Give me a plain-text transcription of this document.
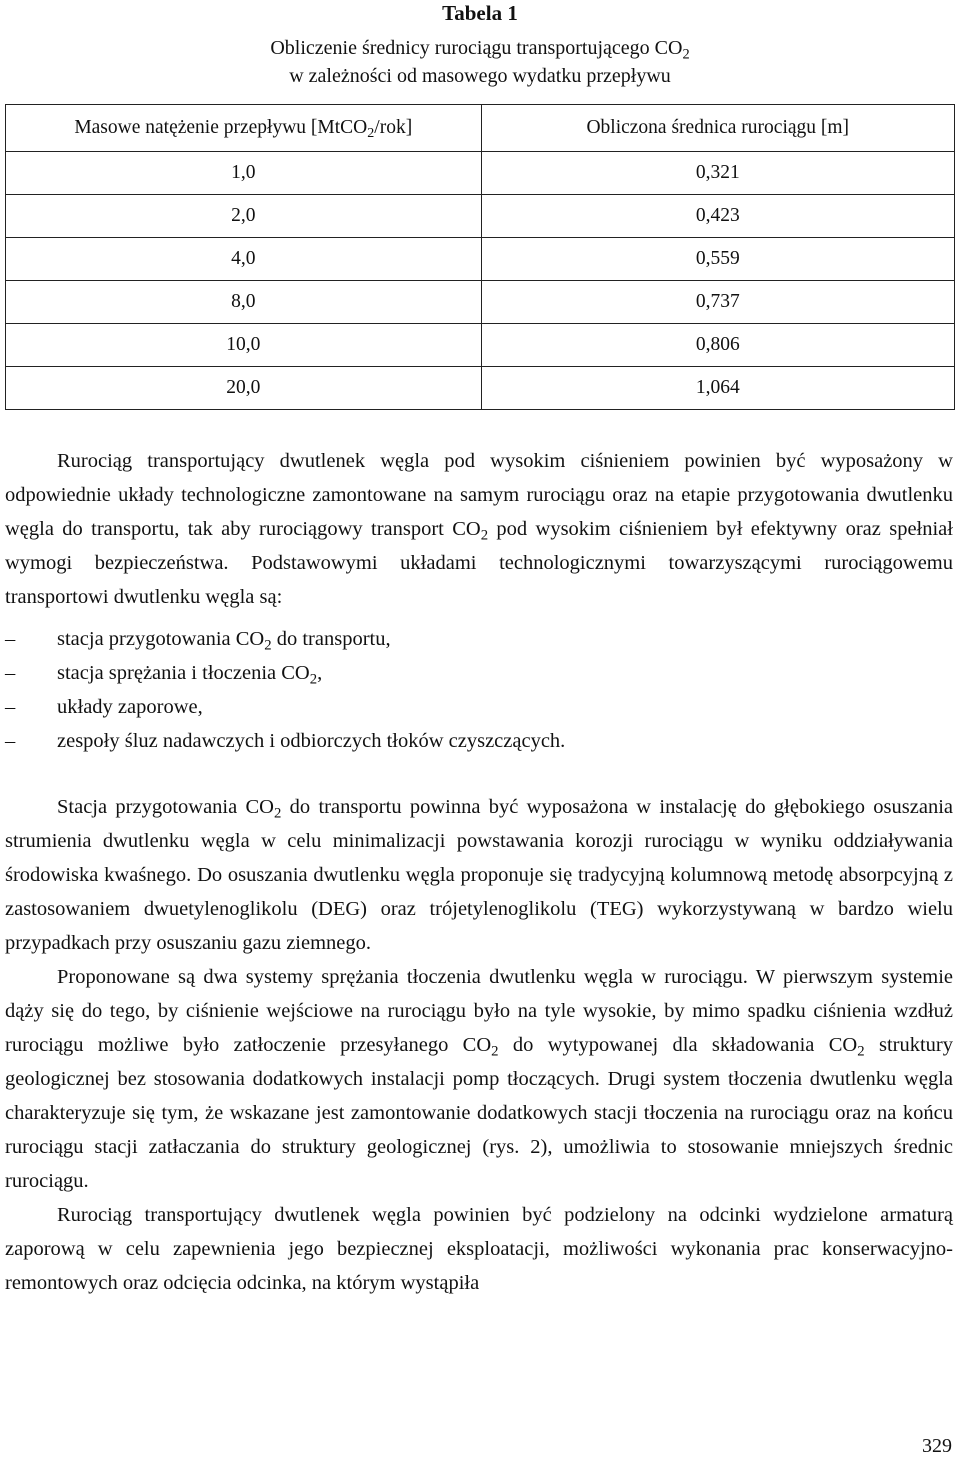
Tabela 1
Obliczenie średnicy rurociągu transportującego $CO_2$
w zależności od masowego wydatku przepływu
Masowe natężenie przepływu [MtCO$_2$/rok]	Obliczona średnica rurociągu [m]
1,0	0,321
2,0	0,423
4,0	0,559
8,0	0,737
10,0	0,806
20,0	1,064

Rurociąg transportujący dwutlenek węgla pod wysokim ciśnieniem powinien być wyposażony w odpowiednie układy technologiczne zamontowane na samym rurociągu oraz na etapie przygotowania dwutlenku węgla do transportu, tak aby rurociągowy transport $CO_2$ pod wysokim ciśnieniem był efektywny oraz spełniał wymogi bezpieczeństwa. Podstawowymi układami technologicznymi towarzyszącymi rurociągowemu transportowi dwutlenku węgla są:

– stacja przygotowania $CO_2$ do transportu,
– stacja sprężania i tłoczenia $CO_2$,
– układy zaporowe,
– zespoły śluz nadawczych i odbiorczych tłoków czyszczących.

Stacja przygotowania $CO_2$ do transportu powinna być wyposażona w instalację do głębokiego osuszania strumienia dwutlenku węgla w celu minimalizacji powstawania korozji rurociągu w wyniku oddziaływania środowiska kwaśnego. Do osuszania dwutlenku węgla proponuje się tradycyjną kolumnową metodę absorpcyjną z zastosowaniem dwuetylenoglikolu (DEG) oraz trójetylenoglikolu (TEG) wykorzystywaną w bardzo wielu przypadkach przy osuszaniu gazu ziemnego.

Proponowane są dwa systemy sprężania tłoczenia dwutlenku węgla w rurociągu. W pierwszym systemie dąży się do tego, by ciśnienie wejściowe na rurociągu było na tyle wysokie, by mimo spadku ciśnienia wzdłuż rurociągu możliwe było zatłoczenie przesyłanego $CO_2$ do wytypowanej dla składowania $CO_2$ struktury geologicznej bez stosowania dodatkowych instalacji pomp tłoczących. Drugi system tłoczenia dwutlenku węgla charakteryzuje się tym, że wskazane jest zamontowanie dodatkowych stacji tłoczenia na rurociągu oraz na końcu rurociągu stacji zatłaczania do struktury geologicznej (rys. 2), umożliwia to stosowanie mniejszych średnic rurociągu.

Rurociąg transportujący dwutlenek węgla powinien być podzielony na odcinki wydzielone armaturą zaporową w celu zapewnienia jego bezpiecznej eksploatacji, możliwości wykonania prac konserwacyjno-remontowych oraz odcięcia odcinka, na którym wystąpiła

329
